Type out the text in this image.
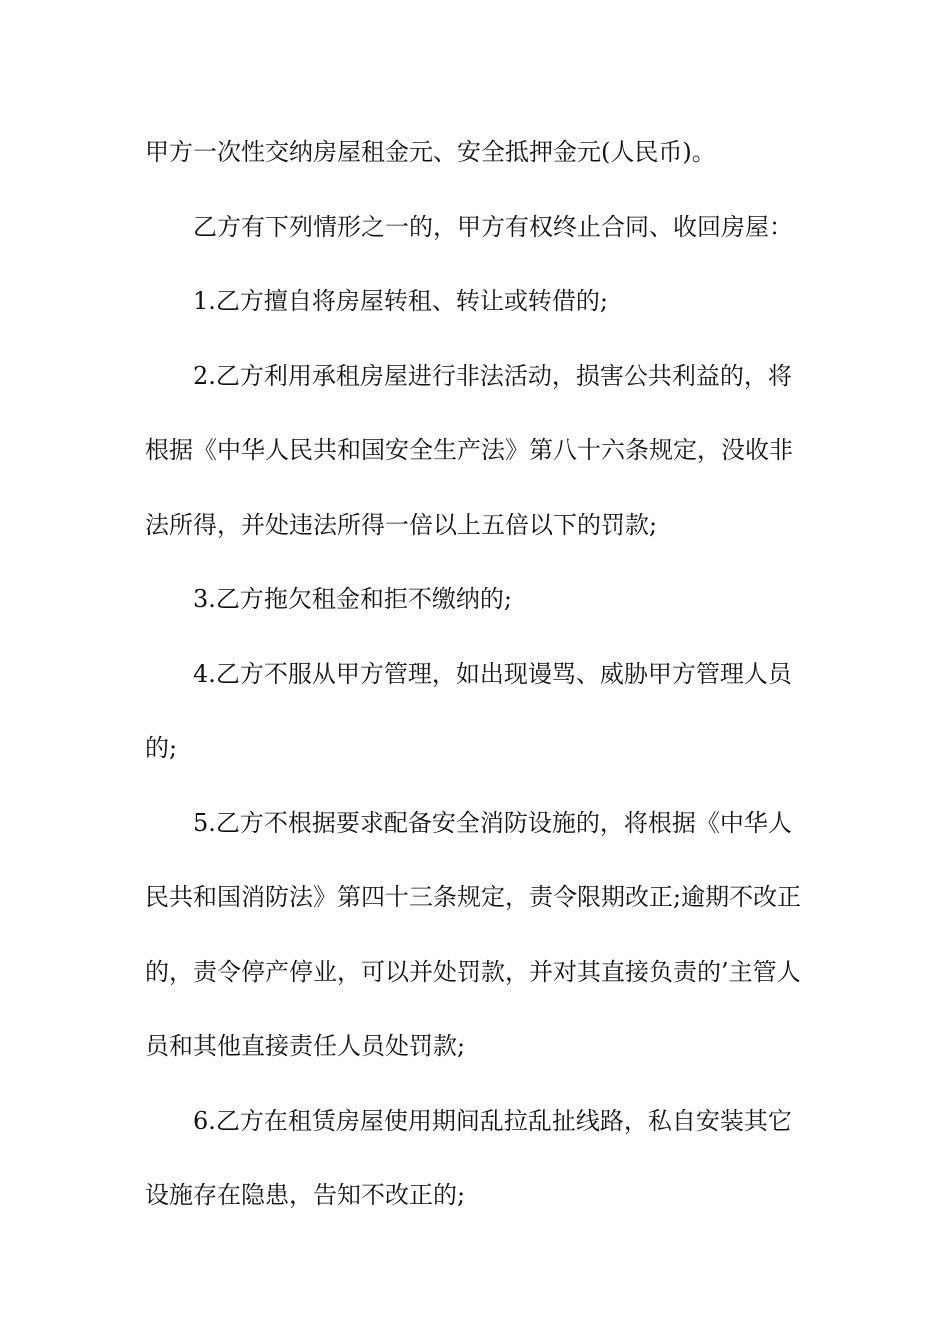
甲方一次性交纳房屋租金元、安全抵押金元(人民币)。
乙方有下列情形之一的，甲方有权终止合同、收回房屋：
1.乙方擅自将房屋转租、转让或转借的;
2.乙方利用承租房屋进行非法活动，损害公共利益的，将
根据《中华人民共和国安全生产法》第八十六条规定，没收非
法所得，并处违法所得一倍以上五倍以下的罚款;
3.乙方拖欠租金和拒不缴纳的;
4.乙方不服从甲方管理，如出现谩骂、威胁甲方管理人员
的;
5.乙方不根据要求配备安全消防设施的，将根据《中华人
民共和国消防法》第四十三条规定，责令限期改正;逾期不改正
的，责令停产停业，可以并处罚款，并对其直接负责的’主管人
员和其他直接责任人员处罚款;
6.乙方在租赁房屋使用期间乱拉乱扯线路，私自安装其它
设施存在隐患，告知不改正的;
